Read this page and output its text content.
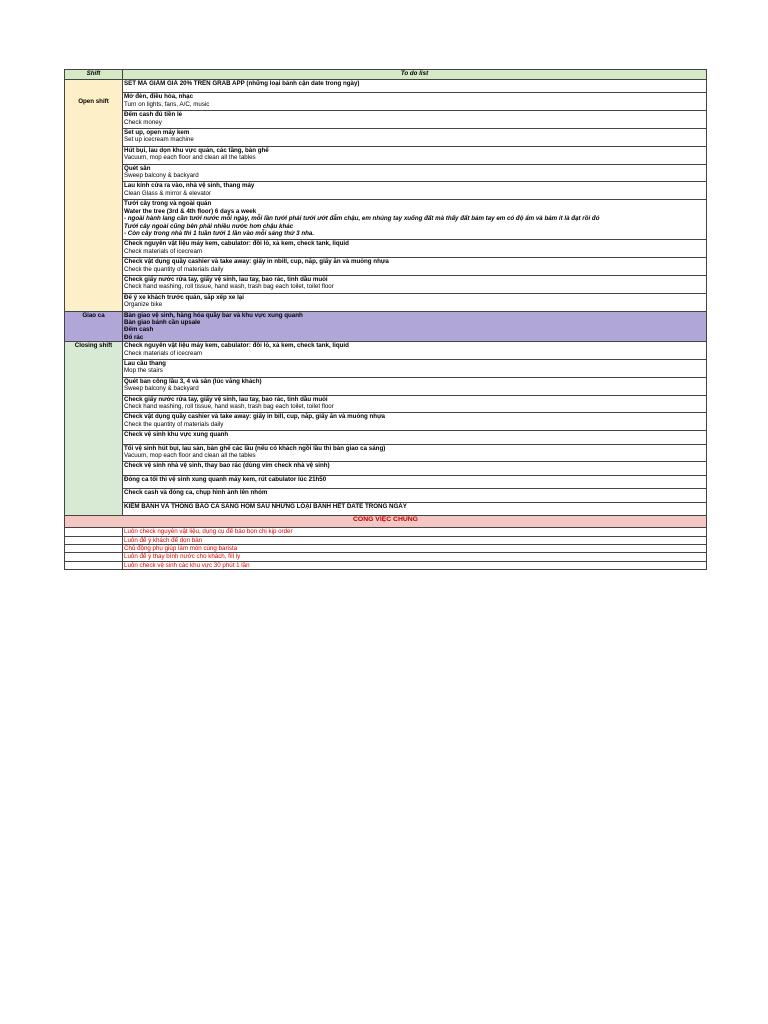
Shift	To do list

Open shift	SET MÃ GIẢM GIÁ 20% TRÊN GRAB APP (những loại bánh cận date trong ngày)

	Mở đèn, điều hòa, nhạc
Turn on lights, fans, A/C, music

	Đếm cash đủ tiền lẻ
Check money

	Set up, open máy kem
Set up icecream machine

	Hút bụi, lau dọn khu vực quán, các tầng, bàn ghế
Vacuum, mop each floor and clean all the tables

	Quét sân
Sweep balcony & backyard

	Lau kính cửa ra vào, nhà vệ sinh, thang máy
Clean Glass & mirror & elevator

	Tưới cây trong và ngoài quán
Water the tree (3rd & 4th floor) 6 days a week
- ngoài hành lang cần tưới nước mỗi ngày, mỗi lần tưới phải tưới ướt đẫm chậu, em nhúng tay xuống đất mà thấy đất bám tay em có độ ẩm và bám ít là đạt rồi đó
Tưới cây ngoài cũng bên phải nhiều nước hơn chậu khác
- Còn cây trong nhà thì 1 tuần tưới 1 lần vào mỗi sáng thứ 3 nha.

	Check nguyên vật liệu máy kem, cabulator: đôi lỗ, xả kem, check tank, liquid
Check materials of icecream

	Check vật dụng quầy cashier và take away: giấy in nbill, cup, nắp, giấy ăn và muỗng nhựa
Check the quantity of materials daily

	Check giấy nước rửa tay, giấy vệ sinh, lau tay, bao rác, tinh dầu muỗi
Check hand washing, roll tissue, hand wash, trash bag each toilet, toilet floor

	Để ý xe khách trước quán, sắp xếp xe lại
Organize bike

Giao ca	Bàn giao vệ sinh, hàng hóa quầy bar và khu vực xung quanh
Bàn giao bánh cần upsale
Đếm cash
Đổ rác

Closing shift	Check nguyên vật liệu máy kem, cabulator: đôi lỗ, xả kem, check tank, liquid
Check materials of icecream

	Lau cầu thang
Mop the stairs

	Quét ban công lầu 3, 4 và sân (lúc vắng khách)
Sweep balcony & backyard

	Check giấy nước rửa tay, giấy vệ sinh, lau tay, bao rác, tinh dầu muỗi
Check hand washing, roll tissue, hand wash, trash bag each toilet, toilet floor

	Check vật dụng quầy cashier và take away: giấy in bill, cup, nắp, giấy ăn và muỗng nhựa
Check the quantity of materials daily

	Check vệ sinh khu vực xung quanh

	Tối vệ sinh hút bụi, lau sàn, bàn ghế các lầu (nếu có khách ngồi lầu thì bàn giao ca sáng)
Vacuum, mop each floor and clean all the tables

	Check vệ sinh nhà vệ sinh, thay bao rác (dùng vim check nhà vệ sinh)

	Đóng ca tối thì vệ sinh xung quanh máy kem, rút cabulator lúc 21h50

	Check cash và đóng ca, chụp hình ảnh lên nhóm

	KIỂM BÁNH VÀ THÔNG BÁO CA SÁNG HÔM SAU NHỮNG LOẠI BÁNH HẾT DATE TRONG NGÀY

CÔNG VIỆC CHUNG	
	Luôn check nguyên vật liệu, dụng cụ để báo bọn chị kịp order
	Luôn để ý khách để dọn bàn
	Chủ động phụ giúp làm món cùng barista
	Luôn để ý thay bình nước cho khách, fill ly
	Luôn check vệ sinh các khu vực 30 phút 1 lần
